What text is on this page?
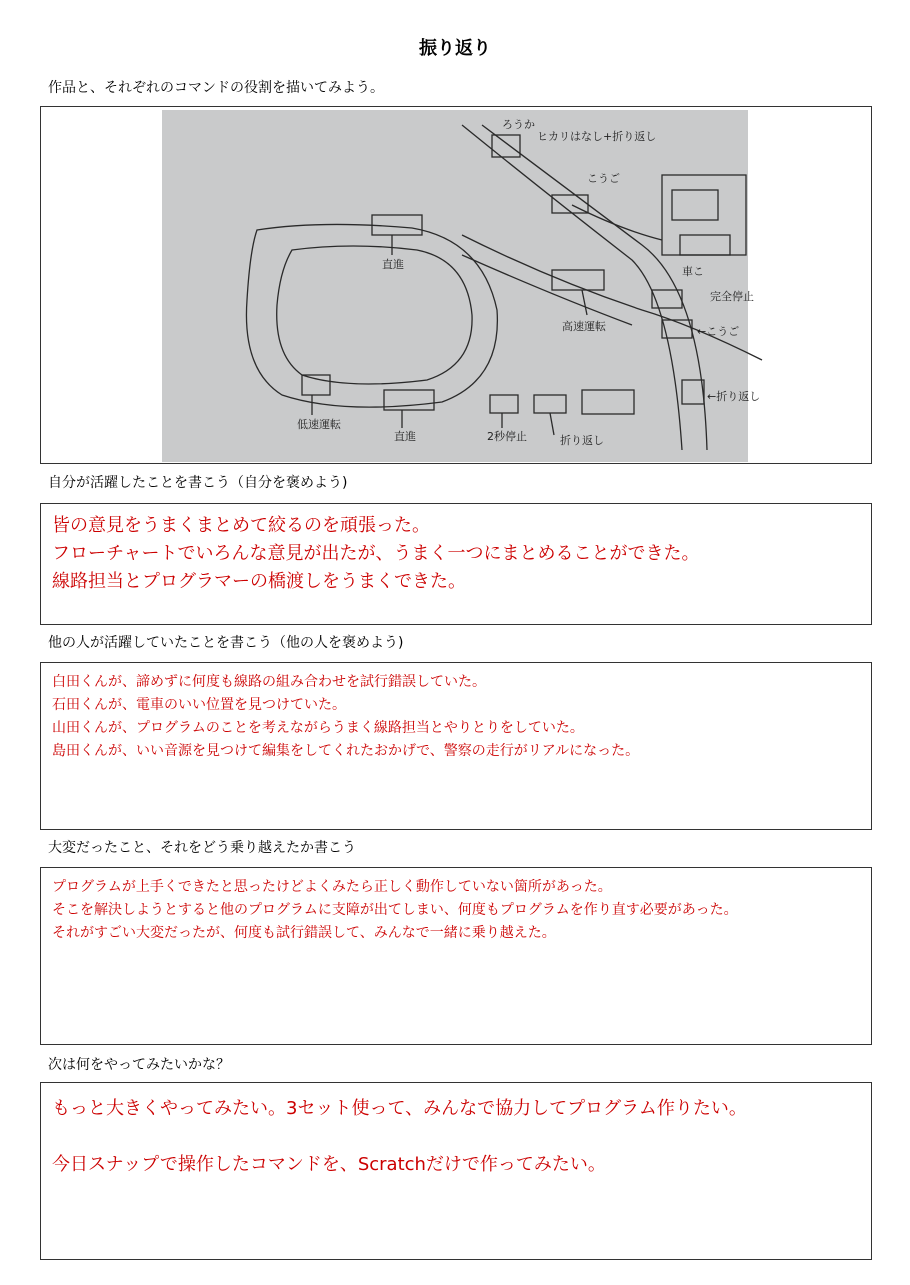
振り返り
作品と、それぞれのコマンドの役割を描いてみよう。
ろうか
ヒカリはなし+折り返し
こうご
直進
車こ
完全停止
高速運転	←こうご
←折り返し
低速運転
直進	2秒停止	折り返し
自分が活躍したことを書こう（自分を褒めよう)

皆の意見をうまくまとめて絞るのを頑張った。

フローチャートでいろんな意見が出たが、うまく一つにまとめることができた。

線路担当とプログラマーの橋渡しをうまくできた。

他の人が活躍していたことを書こう（他の人を褒めよう)

白田くんが、諦めずに何度も線路の組み合わせを試行錯誤していた。

石田くんが、電車のいい位置を見つけていた。

山田くんが、プログラムのことを考えながらうまく線路担当とやりとりをしていた。

島田くんが、いい音源を見つけて編集をしてくれたおかげで、警察の走行がリアルになった。

大変だったこと、それをどう乗り越えたか書こう

プログラムが上手くできたと思ったけどよくみたら正しく動作していない箇所があった。

そこを解決しようとすると他のプログラムに支障が出てしまい、何度もプログラムを作り直す必要があった。

それがすごい大変だったが、何度も試行錯誤して、みんなで一緒に乗り越えた。

次は何をやってみたいかな？

もっと大きくやってみたい。3セット使って、みんなで協力してプログラム作りたい。

今日スナップで操作したコマンドを、Scratchだけで作ってみたい。
